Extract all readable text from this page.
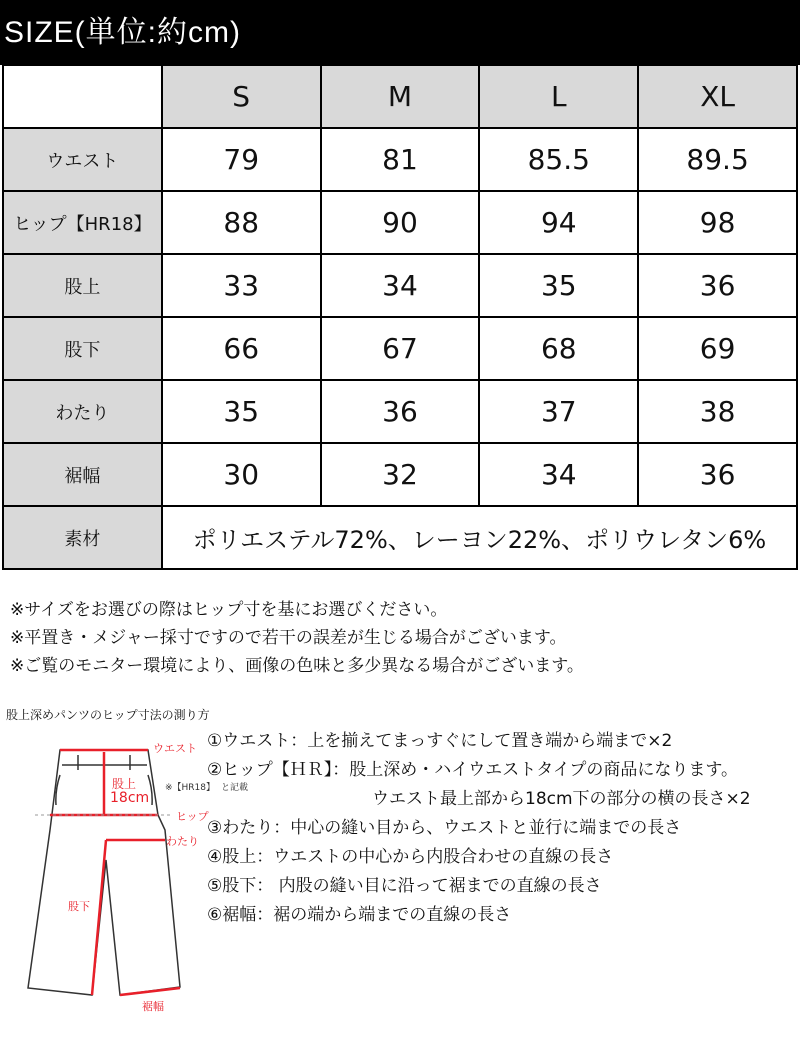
SIZE(単位:約cm)
	S	M	L	XL
ウエスト	79	81	85.5	89.5
ヒップ【HR18】	88	90	94	98
股上	33	34	35	36
股下	66	67	68	69
わたり	35	36	37	38
裾幅	30	32	34	36
素材	ポリエステル72%、レーヨン22%、ポリウレタン6%			
※サイズをお選びの際はヒップ寸を基にお選びください。
※平置き・メジャー採寸ですので若干の誤差が生じる場合がございます。
※ご覧のモニター環境により、画像の色味と多少異なる場合がございます。
股上深めパンツのヒップ寸法の測り方
ウエスト
股上
18cm
ヒップ
わたり
股下
裾幅
※【HR18】 と記載
①ウエスト：上を揃えてまっすぐにして置き端から端まで×2
②ヒップ【ＨＲ】：股上深め・ハイウエストタイプの商品になります。
ウエスト最上部から18cm下の部分の横の長さ×2
③わたり：中心の縫い目から、ウエストと並行に端までの長さ
④股上：ウエストの中心から内股合わせの直線の長さ
⑤股下： 内股の縫い目に沿って裾までの直線の長さ
⑥裾幅：裾の端から端までの直線の長さ
